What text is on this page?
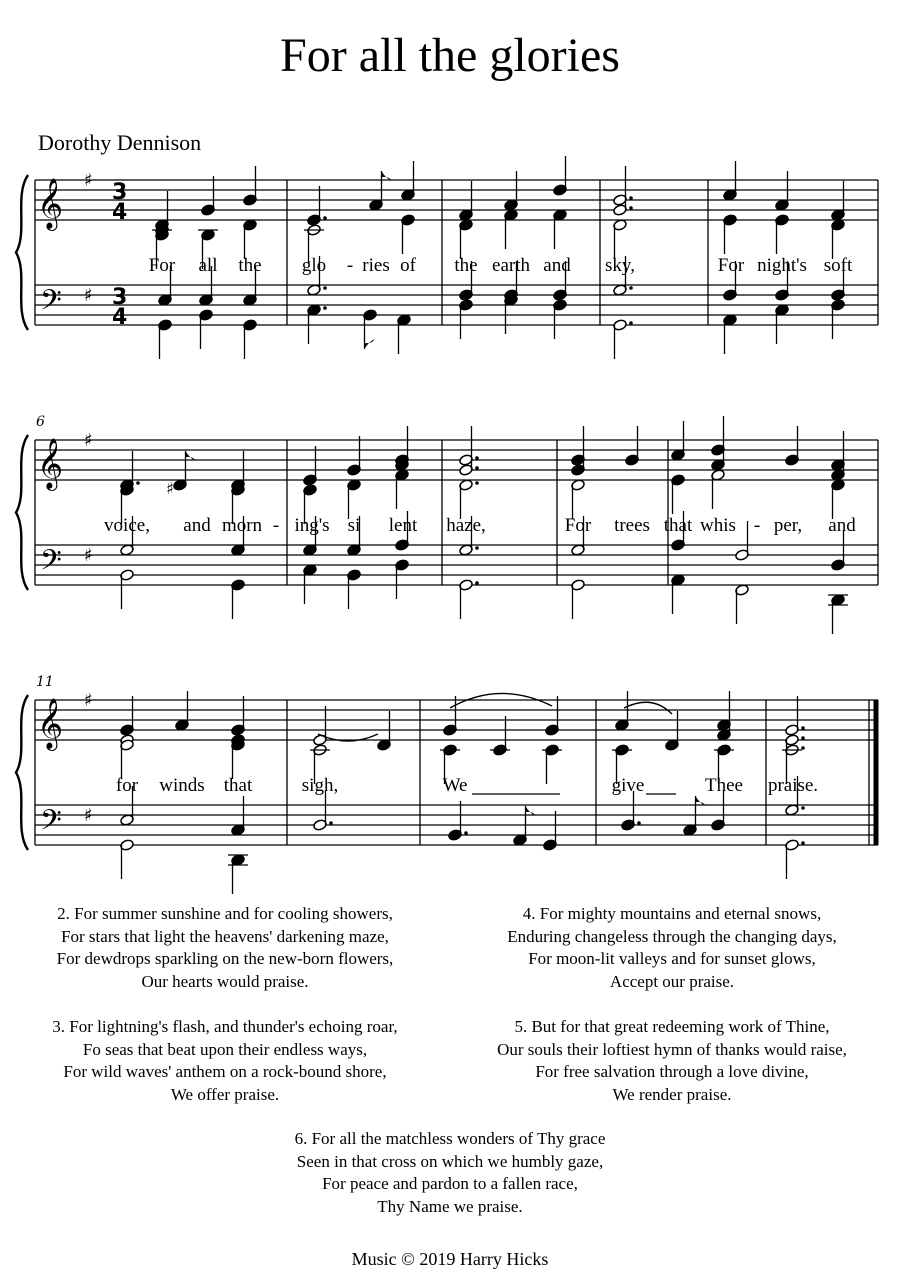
For all the glories
Dorothy Dennison
𝄞
𝄢
♯
♯
𝄞
𝄢
♯
♯
6
𝄞
𝄢
♯
♯
11
3
4
3
4
♯
For all the glo - ries of the earth and sky,	For night's soft
voice, and morn - ing's si lent haze,	For trees that whis - per, and
for winds that	sigh,	We	give	Thee praise.
2. For summer sunshine and for cooling showers,
For stars that light the heavens' darkening maze,
For dewdrops sparkling on the new-born flowers,
Our hearts would praise.
3. For lightning's flash, and thunder's echoing roar,
Fo seas that beat upon their endless ways,
For wild waves' anthem on a rock-bound shore,
We offer praise.
4. For mighty mountains and eternal snows,
Enduring changeless through the changing days,
For moon-lit valleys and for sunset glows,
Accept our praise.
5. But for that great redeeming work of Thine,
Our souls their loftiest hymn of thanks would raise,
For free salvation through a love divine,
We render praise.
6. For all the matchless wonders of Thy grace
Seen in that cross on which we humbly gaze,
For peace and pardon to a fallen race,
Thy Name we praise.
Music © 2019 Harry Hicks
